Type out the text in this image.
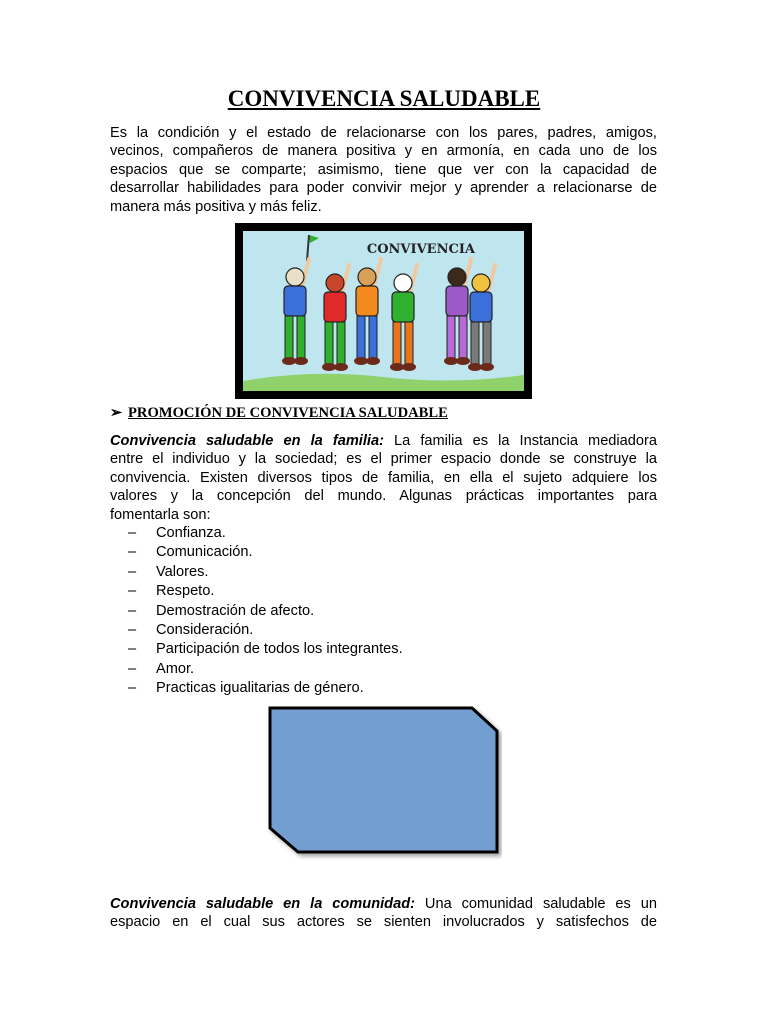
CONVIVENCIA SALUDABLE
Es la condición y el estado de relacionarse con los pares, padres, amigos,
vecinos, compañeros de manera positiva y en armonía, en cada uno de los
espacios que se comparte; asimismo, tiene que ver con la capacidad de
desarrollar habilidades para poder convivir mejor y aprender a relacionarse de
manera más positiva y más feliz.
CONVIVENCIA
➢ PROMOCIÓN DE CONVIVENCIA SALUDABLE
Convivencia saludable en la familia: La familia es la Instancia mediadora
entre el individuo y la sociedad; es el primer espacio donde se construye la
convivencia. Existen diversos tipos de familia, en ella el sujeto adquiere los
valores y la concepción del mundo. Algunas prácticas importantes para
fomentarla son:
– Confianza.
– Comunicación.
– Valores.
– Respeto.
– Demostración de afecto.
– Consideración.
– Participación de todos los integrantes.
– Amor.
– Practicas igualitarias de género.
Convivencia saludable en la comunidad: Una comunidad saludable es un
espacio en el cual sus actores se sienten involucrados y satisfechos de
